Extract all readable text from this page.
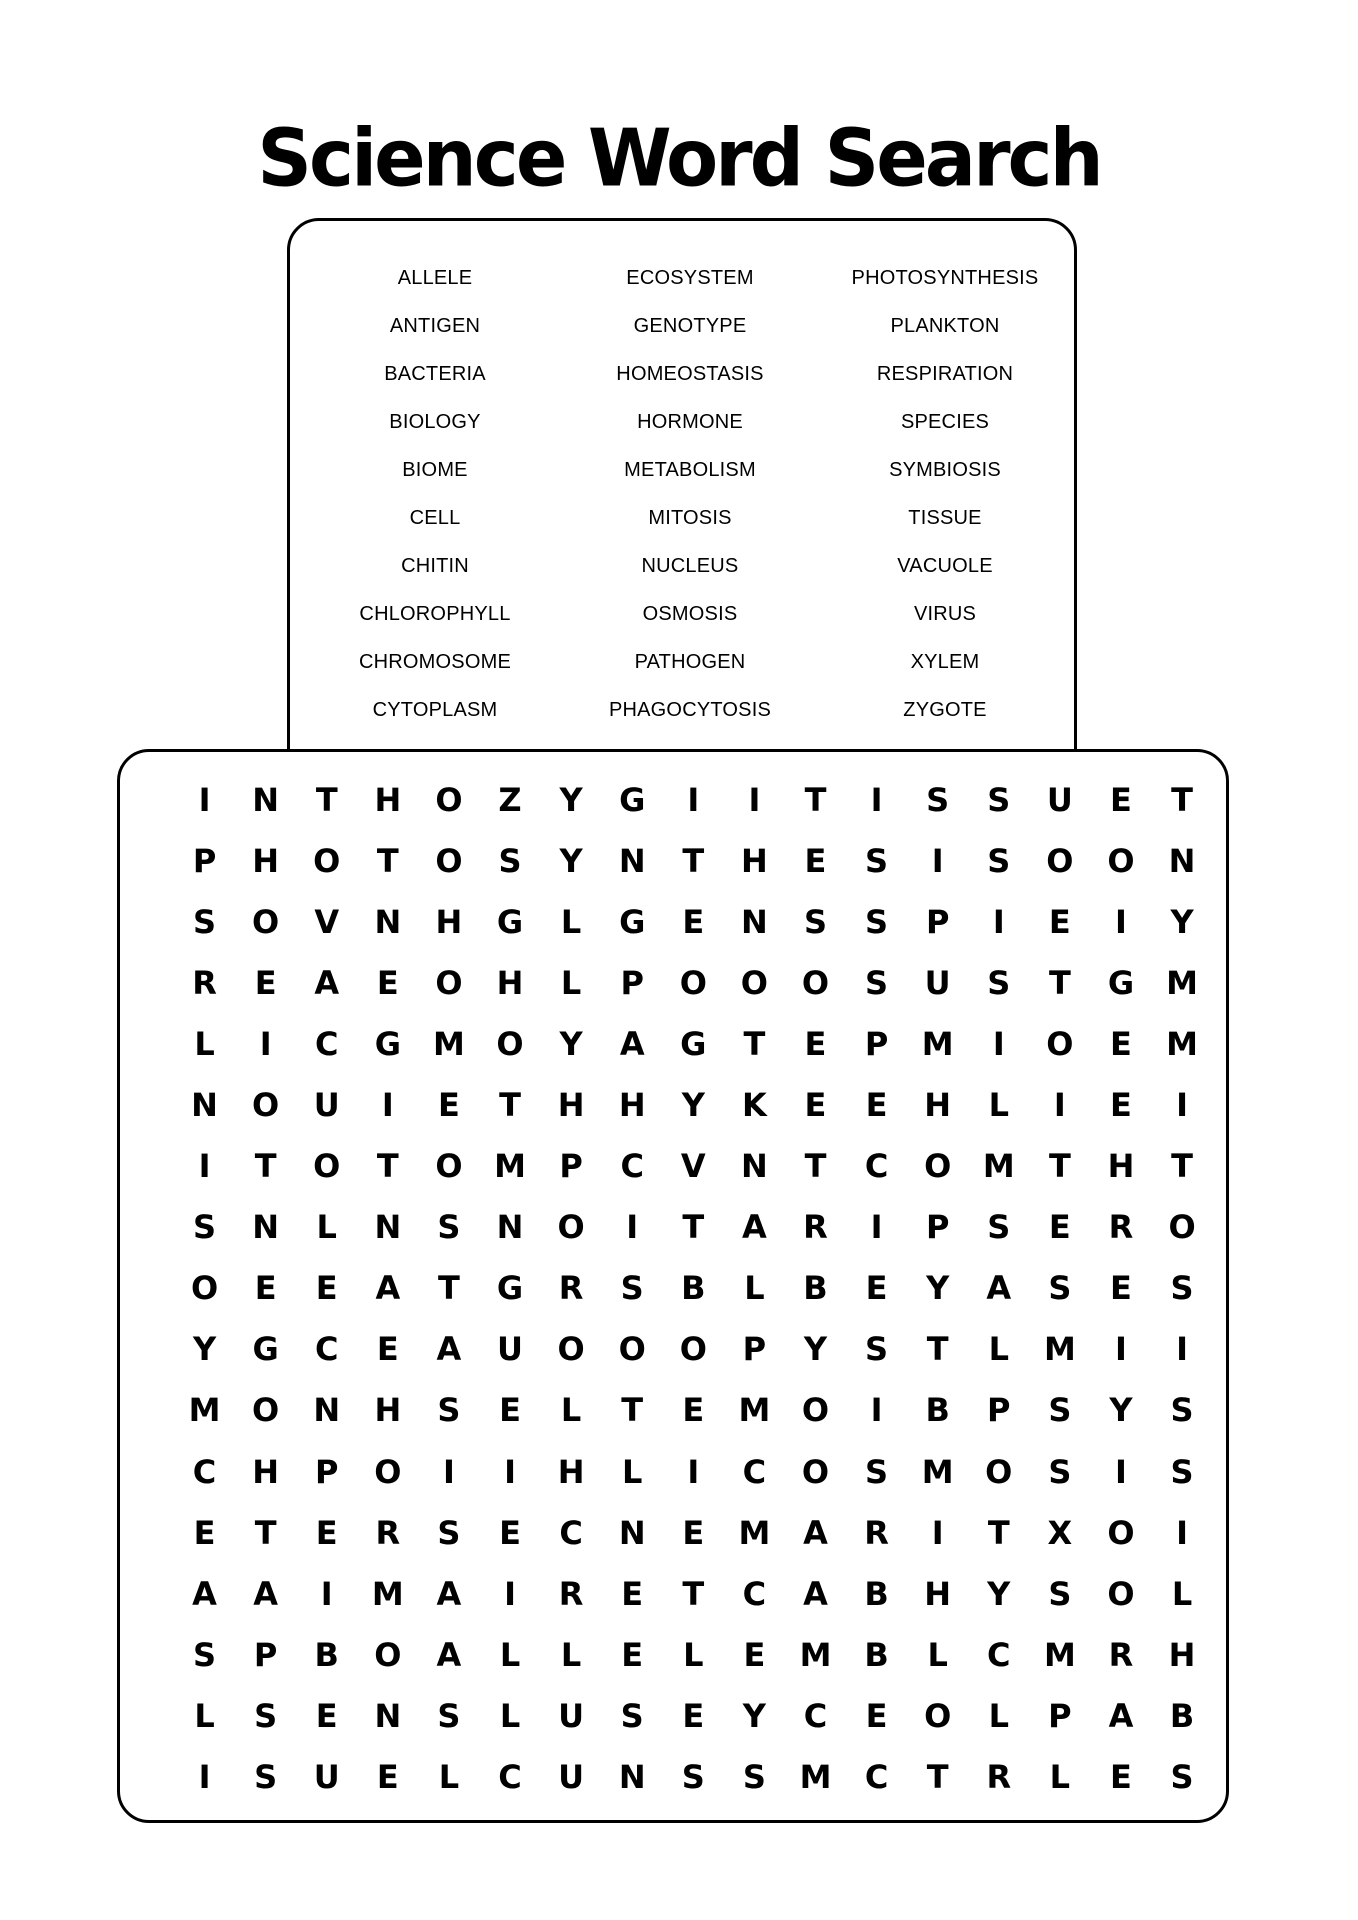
Science Word Search
ALLELE
ANTIGEN
BACTERIA
BIOLOGY
BIOME
CELL
CHITIN
CHLOROPHYLL
CHROMOSOME
CYTOPLASM
ECOSYSTEM
GENOTYPE
HOMEOSTASIS
HORMONE
METABOLISM
MITOSIS
NUCLEUS
OSMOSIS
PATHOGEN
PHAGOCYTOSIS
PHOTOSYNTHESIS
PLANKTON
RESPIRATION
SPECIES
SYMBIOSIS
TISSUE
VACUOLE
VIRUS
XYLEM
ZYGOTE
I	N	T	H	O	Z	Y	G	I	I	T	I	S	S	U	E	T
P	H	O	T	O	S	Y	N	T	H	E	S	I	S	O	O	N
S	O	V	N	H	G	L	G	E	N	S	S	P	I	E	I	Y
R	E	A	E	O	H	L	P	O	O	O	S	U	S	T	G	M
L	I	C	G	M O	Y	A	G	T	E	P	M	I	O	E	M
N	O	U	I	E	T	H	H	Y	K	E	E	H	L	I	E	I
I	T	O	T	O M	P	C	V	N	T	C	O M	T	H	T
S	N	L	N	S	N	O	I	T	A	R	I	P	S	E	R	O
O	E	E	A	T	G	R	S	B	L	B	E	Y	A	S	E	S
Y	G	C	E	A	U	O	O	O	P	Y	S	T	L	M	I	I
M O	N	H	S	E	L	T	E	M O	I	B	P	S	Y	S
C	H	P	O	I	I	H	L	I	C	O	S	M O	S	I	S
E	T	E	R	S	E	C	N	E	M	A	R	I	T	X	O	I
A	A	I	M	A	I	R	E	T	C	A	B	H	Y	S	O	L
S	P	B	O	A	L	L	E	L	E	M	B	L	C	M	R	H
L	S	E	N	S	L	U	S	E	Y	C	E	O	L	P	A	B
I	S	U	E	L	C	U	N	S	S	M	C	T	R	L	E	S
